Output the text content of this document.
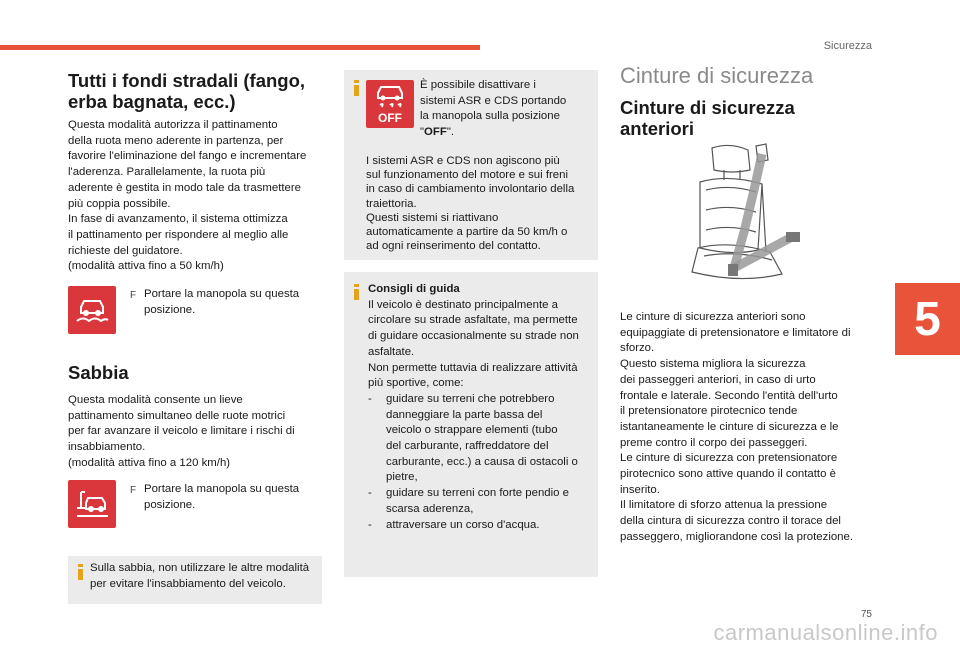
Sicurezza
5
75
carmanualsonline.info
Tutti i fondi stradali (fango,
erba bagnata, ecc.)

Questa modalità autorizza il pattinamento
della ruota meno aderente in partenza, per
favorire l'eliminazione del fango e incrementare
l'aderenza. Parallelamente, la ruota più
aderente è gestita in modo tale da trasmettere
più coppia possibile.
In fase di avanzamento, il sistema ottimizza
il pattinamento per rispondere al meglio alle
richieste del guidatore.
(modalità attiva fino a 50 km/h)

F Portare la manopola su questa
posizione.
Sabbia

Questa modalità consente un lieve
pattinamento simultaneo delle ruote motrici
per far avanzare il veicolo e limitare i rischi di
insabbiamento.
(modalità attiva fino a 120 km/h)

F Portare la manopola su questa
posizione.

Sulla sabbia, non utilizzare le altre modalità
per evitare l'insabbiamento del veicolo.

OFF

È possibile disattivare i
sistemi ASR e CDS portando
la manopola sulla posizione
"OFF".

I sistemi ASR e CDS non agiscono più
sul funzionamento del motore e sui freni
in caso di cambiamento involontario della
traiettoria.
Questi sistemi si riattivano
automaticamente a partire da 50 km/h o
ad ogni reinserimento del contatto.

Consigli di guida

Il veicolo è destinato principalmente a
circolare su strade asfaltate, ma permette
di guidare occasionalmente su strade non
asfaltate.
Non permette tuttavia di realizzare attività
più sportive, come:

-	guidare su terreni che potrebbero
danneggiare la parte bassa del
veicolo o strappare elementi (tubo
del carburante, raffreddatore del
carburante, ecc.) a causa di ostacoli o
pietre,
-	guidare su terreni con forte pendio e
scarsa aderenza,
-	attraversare un corso d'acqua.
Cinture di sicurezza
Cinture di sicurezza
anteriori

Le cinture di sicurezza anteriori sono
equipaggiate di pretensionatore e limitatore di
sforzo.
Questo sistema migliora la sicurezza
dei passeggeri anteriori, in caso di urto
frontale e laterale. Secondo l'entità dell'urto
il pretensionatore pirotecnico tende
istantaneamente le cinture di sicurezza e le
preme contro il corpo dei passeggeri.
Le cinture di sicurezza con pretensionatore
pirotecnico sono attive quando il contatto è
inserito.
Il limitatore di sforzo attenua la pressione
della cintura di sicurezza contro il torace del
passeggero, migliorandone così la protezione.
